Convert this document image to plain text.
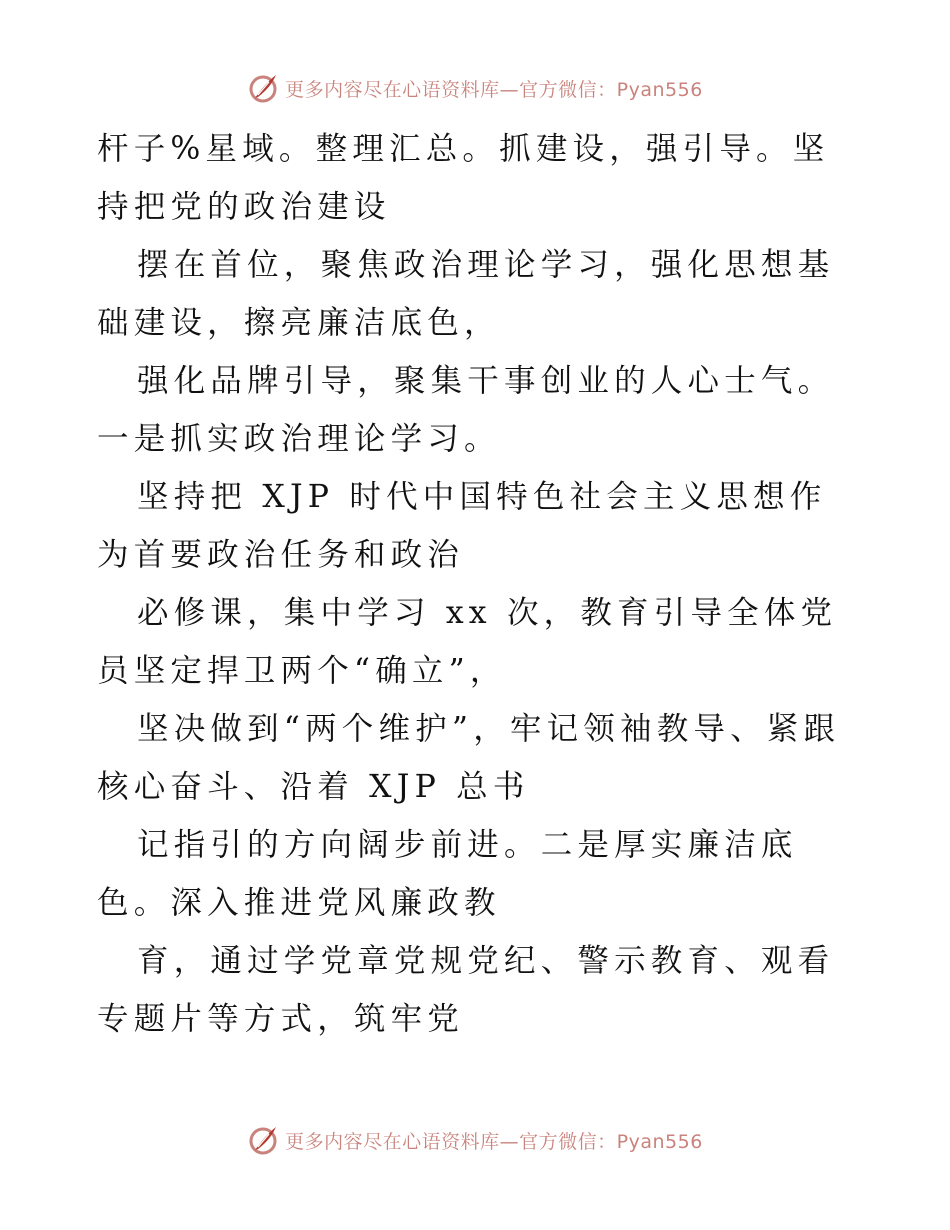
更多内容尽在心语资料库—官方微信：Pyan556

杆子%星域。整理汇总。抓建设，强引导。坚持把党的政治建设

摆在首位，聚焦政治理论学习，强化思想基础建设，擦亮廉洁底色，

强化品牌引导，聚集干事创业的人心士气。一是抓实政治理论学习。

坚持把 XJP 时代中国特色社会主义思想作为首要政治任务和政治

必修课，集中学习 xx 次，教育引导全体党员坚定捍卫两个“确立”，

坚决做到“两个维护”，牢记领袖教导、紧跟核心奋斗、沿着 XJP 总书

记指引的方向阔步前进。二是厚实廉洁底色。深入推进党风廉政教

育，通过学党章党规党纪、警示教育、观看专题片等方式，筑牢党

更多内容尽在心语资料库—官方微信：Pyan556
